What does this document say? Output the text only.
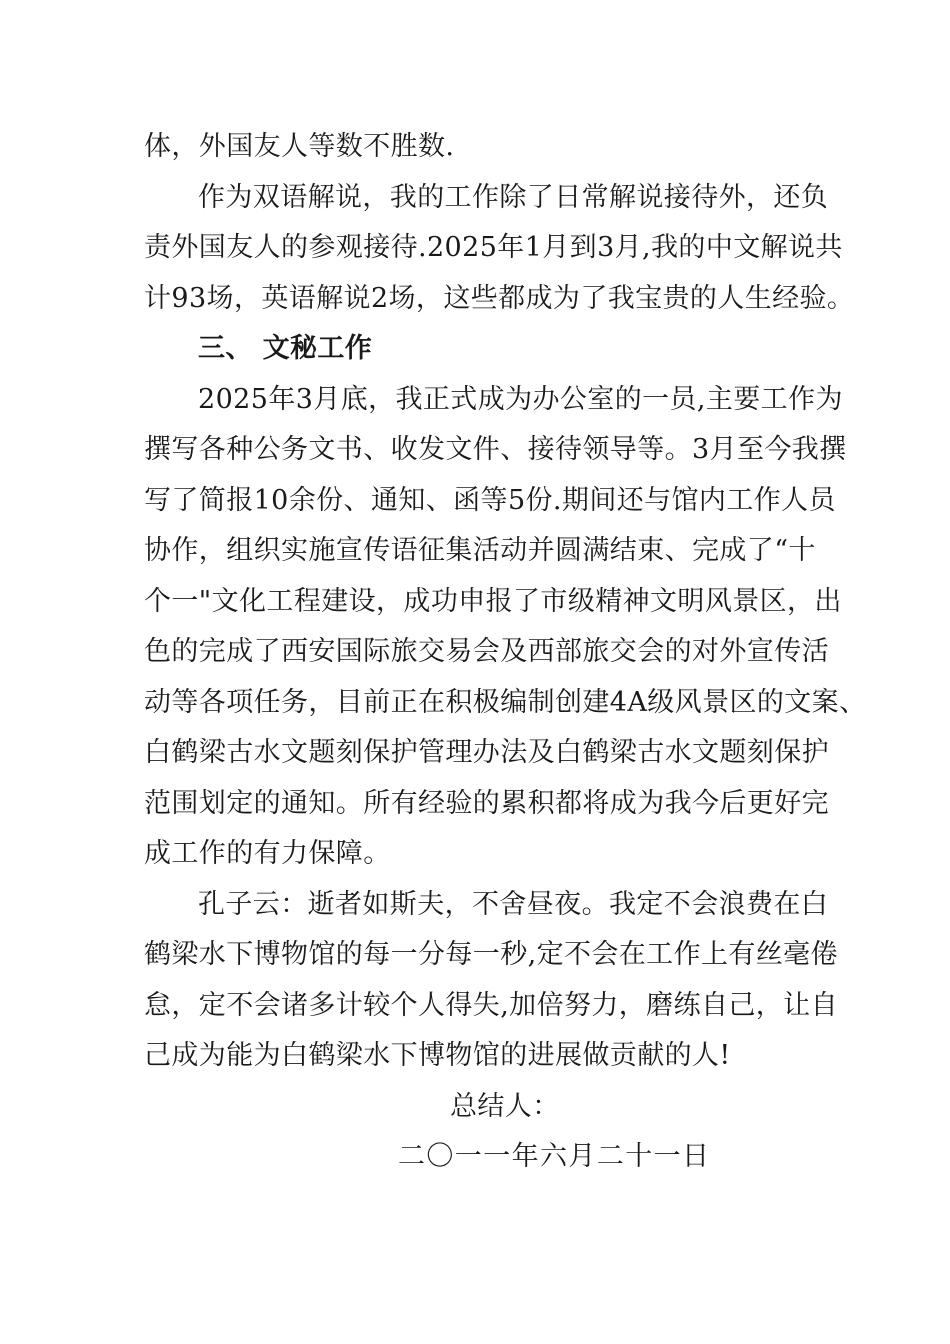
体，外国友人等数不胜数.
作为双语解说，我的工作除了日常解说接待外，还负
责外国友人的参观接待.2025年1月到3月,我的中文解说共
计93场，英语解说2场，这些都成为了我宝贵的人生经验。
三、 文秘工作
2025年3月底，我正式成为办公室的一员,主要工作为
撰写各种公务文书、收发文件、接待领导等。3月至今我撰
写了简报10余份、通知、函等5份.期间还与馆内工作人员
协作，组织实施宣传语征集活动并圆满结束、完成了“十
个一"文化工程建设，成功申报了市级精神文明风景区，出
色的完成了西安国际旅交易会及西部旅交会的对外宣传活
动等各项任务，目前正在积极编制创建4A级风景区的文案、
白鹤梁古水文题刻保护管理办法及白鹤梁古水文题刻保护
范围划定的通知。所有经验的累积都将成为我今后更好完
成工作的有力保障。
孔子云：逝者如斯夫，不舍昼夜。我定不会浪费在白
鹤梁水下博物馆的每一分每一秒,定不会在工作上有丝毫倦
怠，定不会诸多计较个人得失,加倍努力，磨练自己，让自
己成为能为白鹤梁水下博物馆的进展做贡献的人!
总结人：
二〇一一年六月二十一日
